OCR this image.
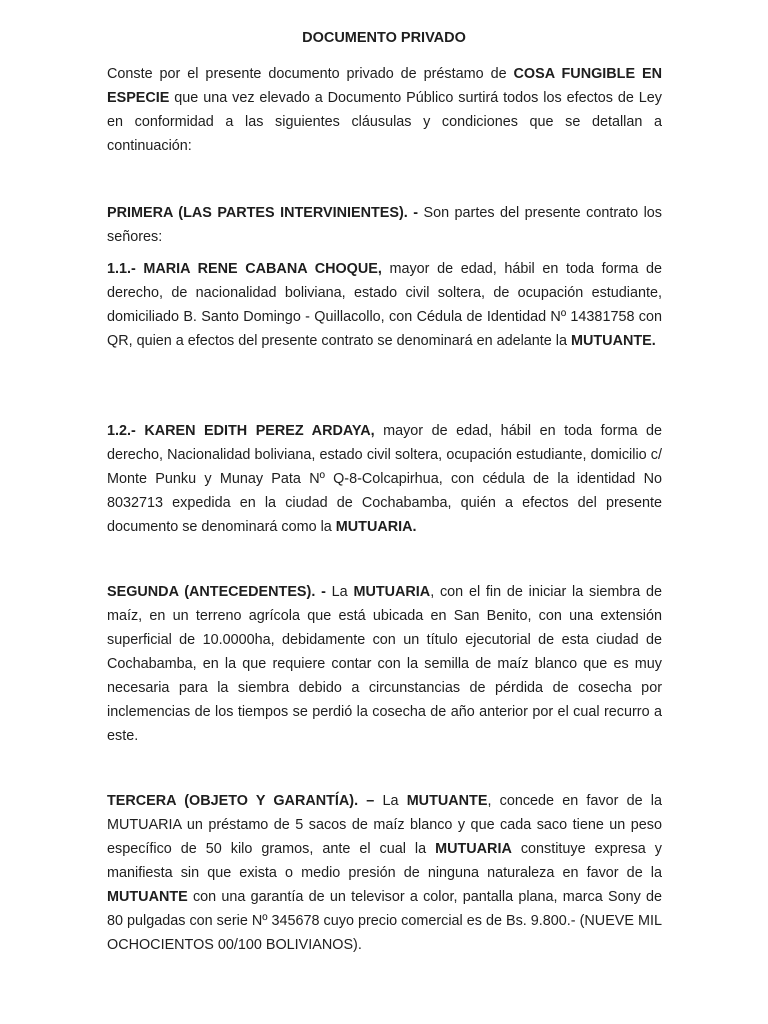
DOCUMENTO PRIVADO

Conste por el presente documento privado de préstamo de COSA FUNGIBLE EN ESPECIE que una vez elevado a Documento Público surtirá todos los efectos de Ley en conformidad a las siguientes cláusulas y condiciones que se detallan a continuación:

PRIMERA (LAS PARTES INTERVINIENTES). - Son partes del presente contrato los señores:

1.1.- MARIA RENE CABANA CHOQUE, mayor de edad, hábil en toda forma de derecho, de nacionalidad boliviana, estado civil soltera, de ocupación estudiante, domiciliado B. Santo Domingo - Quillacollo, con Cédula de Identidad Nº 14381758 con QR, quien a efectos del presente contrato se denominará en adelante la MUTUANTE.

1.2.- KAREN EDITH PEREZ ARDAYA, mayor de edad, hábil en toda forma de derecho, Nacionalidad boliviana, estado civil soltera, ocupación estudiante, domicilio c/ Monte Punku y Munay Pata Nº Q-8-Colcapirhua, con cédula de la identidad No 8032713 expedida en la ciudad de Cochabamba, quién a efectos del presente documento se denominará como la MUTUARIA.

SEGUNDA (ANTECEDENTES). - La MUTUARIA, con el fin de iniciar la siembra de maíz, en un terreno agrícola que está ubicada en San Benito, con una extensión superficial de 10.0000ha, debidamente con un título ejecutorial de esta ciudad de Cochabamba, en la que requiere contar con la semilla de maíz blanco que es muy necesaria para la siembra debido a circunstancias de pérdida de cosecha por inclemencias de los tiempos se perdió la cosecha de año anterior por el cual recurro a este.

TERCERA (OBJETO Y GARANTÍA). – La MUTUANTE, concede en favor de la MUTUARIA un préstamo de 5 sacos de maíz blanco y que cada saco tiene un peso específico de 50 kilo gramos, ante el cual la MUTUARIA constituye expresa y manifiesta sin que exista o medio presión de ninguna naturaleza en favor de la MUTUANTE con una garantía de un televisor a color, pantalla plana, marca Sony de 80 pulgadas con serie Nº 345678 cuyo precio comercial es de Bs. 9.800.- (NUEVE MIL OCHOCIENTOS 00/100 BOLIVIANOS).
